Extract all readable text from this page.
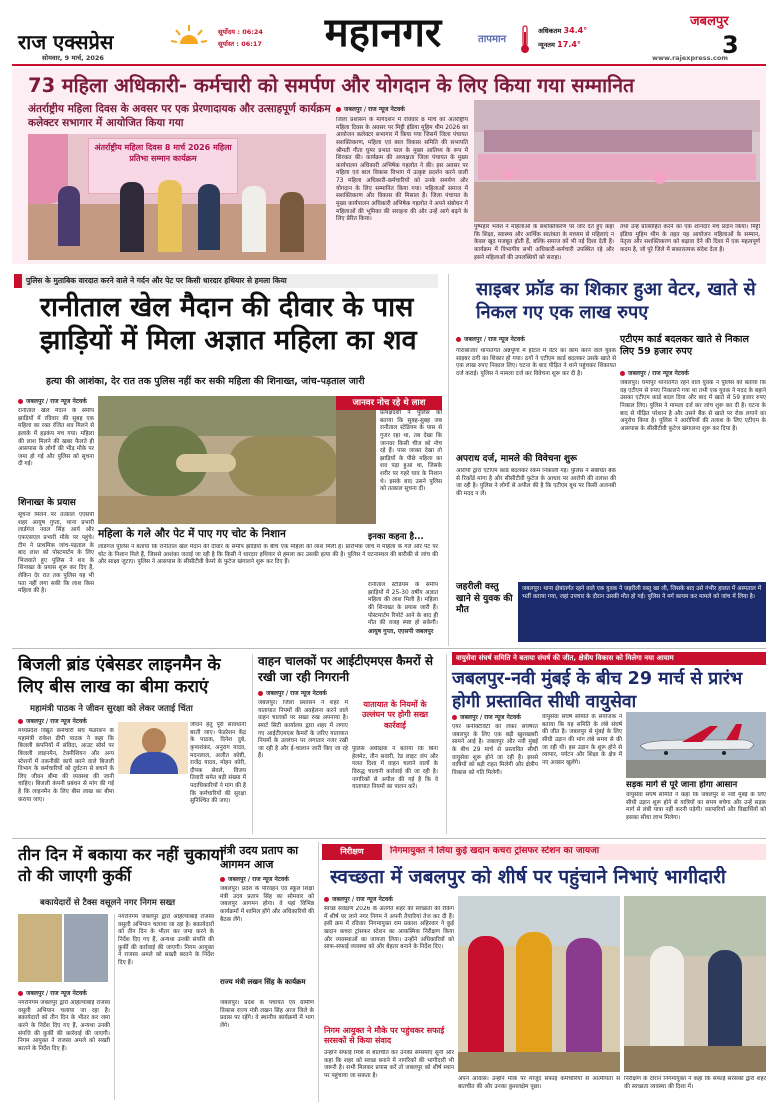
राज एक्सप्रेस
सोमवार, 9 मार्च, 2026
सूर्योदय : 06:24
सूर्यास्त : 06:17	महानगर	तापमान
अधिकतम 34.4°
न्यूनतम 17.4°
जबलपुर
3
www.rajexpress.com
73 महिला अधिकारी- कर्मचारी को समर्पण और योगदान के लिए किया गया सम्मानित
अंतर्राष्ट्रीय महिला दिवस के अवसर पर एक प्रेरणादायक और उत्साहपूर्ण कार्यक्रम कलेक्टर सभागार में आयोजित किया गया
अंतर्राष्ट्रीय महिला दिवस 8 मार्च 2026 महिला प्रतिभा सम्मान कार्यक्रम
जबलपुर / राज न्यूज नेटवर्क
जिला प्रशासन के मार्गदर्शन में रविवार 8 मार्च को अंतर्राष्ट्रीय महिला दिवस के अवसर पर मिट्टी इंडिया मुहिम थीम 2026 का आयोजन कलेक्टर सभागार में किया गया जिसमें जिला पंचायत सशक्तिकरण, महिला एवं बाल विकास समिति की सभापति श्रीमती गीता घुमर प्रभात पाल के मुख्य आतिथ्य के रूप में शिरकत की। कार्यक्रम की अध्यक्षता जिला पंचायत के मुख्य कार्यपालन अधिकारी अभिषेक गहलोत ने की। इस अवसर पर महिला एवं बाल विकास विभाग में उत्कृष्ट प्रदर्शन करने वाली 73 महिला अधिकारी-कर्मचारियों को उनके समर्पण और योगदान के लिए सम्मानित किया गया। महिलाओं समाज में सशक्तिकरण और विकास की मिसाल हैं। जिला पंचायत के मुख्य कार्यपालन अधिकारी अभिषेक गहलोत ने अपने संबोधन में महिलाओं की भूमिका की सराहना की और उन्हें आगे बढ़ने के लिए प्रेरित किया।
पुष्पहार भवेश ने महिलाओं के सशक्तिकरण पर जोर देते हुए कहा कि शिक्षा, स्वास्थ्य और आर्थिक स्वतंत्रता के माध्यम से महिलाएं न केवल खुद मजबूत होती हैं, बल्कि समाज को भी नई दिशा देती हैं। कार्यक्रम में विभागीय सभी अधिकारी-कर्मचारी उपस्थित रहे और इसने महिलाओं की उपलब्धियों को सराहा।
तथा उन्हें प्रोत्साहित करने का एक शानदार मंच प्रदान किया। मिट्टी इंडिया मुहिम थीम के तहत यह आयोजन महिलाओं के सम्मान, नेतृत्व और सशक्तिकरण को बढ़ावा देने की दिशा में एक महत्वपूर्ण कदम है, जो पूरे जिले में सकारात्मक संदेश देता है।
पुलिस के मुताबिक वारदात करने वाले ने गर्दन और पेट पर किसी धारदार हथियार से हमला किया
रानीताल खेल मैदान की दीवार के पास झाड़ियों में मिला अज्ञात महिला का शव
हत्या की आशंका, देर रात तक पुलिस नहीं कर सकी महिला की शिनाख्त, जांच-पड़ताल जारी
जबलपुर / राज न्यूज नेटवर्क
रानीताल खेल मैदान के समीप झाड़ियों में रविवार की सुबह एक महिला का रक्त रंजित शव मिलने से इलाके में हड़कंप मच गया। महिला की लाश मिलने की खबर फैलते ही आसपास के लोगों की भीड़ मौके पर जमा हो गई और पुलिस को सूचना दी गई।
शिनाख्त के प्रयास
सूचना मिलने पर तत्काल एएसपी शहर आयुष गुप्ता, थाना प्रभारी लार्डगंज नवल सिंह आर्य और एफएसएल प्रभारी मौके पर पहुंचे। टीम ने प्राथमिक जांच-पड़ताल के बाद लाश को पोस्टमार्टम के लिए भिजवाते हुए पुलिस ने शव के शिनाख्त के प्रयास शुरू कर दिए हैं, लेकिन देर रात तक पुलिस यह भी पता नहीं लगा सकी कि लाश किस महिला की है।
जानवर नोच रहे थे लाश
प्रत्यक्षदर्शी ने पुलिस को बताया कि सुबह-सुबह जब रानीताल स्टेडियम के पास से गुजर रहा था, तब देखा कि जानवर किसी चीज को नोच रहे हैं। पास जाकर देखा तो झाड़ियों के पीछे महिला का शव पड़ा हुआ था, जिसके शरीर पर गहरे घाव के निशान थे। इसके बाद उसने पुलिस को तत्काल सूचना दी।
महिला के गले और पेट में पाए गए चोट के निशान
लार्डगंज पुलिस ने बताया कि रानीताल खेल मैदान की दीवार के समीप झाड़ियों के बीच एक महिला की लाश मिली है। प्रारंभिक जांच में महिला के गले और पेट पर चोट के निशान मिले हैं, जिससे आशंका जताई जा रही है कि किसी ने धारदार हथियार से हमला कर उसकी हत्या की है। पुलिस ने घटनास्थल की बारीकी से जांच की और साक्ष्य जुटाए। पुलिस ने आसपास के सीसीटीवी कैमरे के फुटेज खंगालने शुरू कर दिए हैं।
इनका कहना है...
रानीताल स्टेडियम के समीप झाड़ियों में 25-30 वर्षीय अज्ञात महिला की लाश मिली है। महिला की शिनाख्त के प्रयास जारी हैं। पोस्टमार्टम रिपोर्ट आने के बाद ही मौत की वजह स्पष्ट हो सकेगी।
आयुष गुप्ता, एएसपी जबलपुर
साइबर फ्रॉड का शिकार हुआ वेटर, खाते से निकल गए एक लाख रुपए
जबलपुर / राज न्यूज नेटवर्क
गोराबाजार थानांतर्गत अन्नपूर्णा में होटल में वेटर का काम करने वाले युवक साइबर ठगी का शिकार हो गया। ठगों ने एटीएम कार्ड बदलकर उसके खाते से एक लाख रुपए निकाल लिए। घटना के बाद पीड़ित ने थाने पहुंचकर शिकायत दर्ज कराई। पुलिस ने मामला दर्ज कर विवेचना शुरू कर दी है।
अपराध दर्ज, मामले की विवेचना शुरू
आरोपी द्वारा एटीएम कार्ड बदलकर रकम निकाली गई। पुलिस ने संबंधित बैंक से रिकॉर्ड मांगा है और सीसीटीवी फुटेज के आधार पर आरोपी की तलाश की जा रही है। पुलिस ने लोगों से अपील की है कि एटीएम बूथ पर किसी अजनबी की मदद न लें।
एटीएम कार्ड बदलकर खाते से निकाल लिए 59 हजार रुपए
जबलपुर / राज न्यूज नेटवर्क
जबलपुर। घमापुर थानांतर्गत रहने वाले युवक ने पुलिस को बताया कि वह एटीएम से रुपए निकालने गया था तभी एक युवक ने मदद के बहाने उसका एटीएम कार्ड बदल दिया और बाद में खाते से 59 हजार रुपए निकाल लिए। पुलिस ने मामला दर्ज कर जांच शुरू कर दी है। घटना के बाद से पीड़ित परेशान है और उसने बैंक से खाते पर रोक लगाने का अनुरोध किया है। पुलिस ने आरोपियों की तलाश के लिए एटीएम के आसपास के सीसीटीवी फुटेज खंगालना शुरू कर दिया है।
जहरीली वस्तु खाने से युवक की मौत
जबलपुर। थाना क्षेत्रांतर्गत रहने वाले एक युवक ने जहरीली वस्तु खा ली, जिसके बाद उसे गंभीर हालत में अस्पताल में भर्ती कराया गया, जहां उपचार के दौरान उसकी मौत हो गई। पुलिस ने मर्ग कायम कर मामले को जांच में लिया है।
बिजली ब्रांड एंबेसडर लाइनमैन के लिए बीस लाख का बीमा कराएं
महामंत्री पाठक ने जीवन सुरक्षा को लेकर जताई चिंता
जबलपुर / राज न्यूज नेटवर्क
मध्यप्रदेश विद्युत कर्मचारी संघ फेडरेशन के महामंत्री राकेश डीपी पाठक ने कहा कि बिजली कंपनियों में संविदा, आउट सोर्स पर बिजली लाइनमैन, टेक्नीशियन और अन्य स्टेशनों में तकनीकी कार्य करने वाले बिजली विभाग के कर्मचारियों को दुर्घटना से बचाने के लिए जीवन बीमा की व्यवस्था की जानी चाहिए। बिजली कंपनी प्रबंधन से मांग की गई है कि लाइनमैन के लिए बीस लाख का बीमा कराया जाए।
जीवन हेतु पूरी सावधानी बरती जाए। फेडरेशन केंद्र के पाठक, दिनेश दुबे, कृपाशंकर, अनुराग यादव, मदनलाल, अजीत कोष्टी, राजेंद्र यादव, मोहन कोरी, दीपक सेवले, विजय तिवारी समेत बड़ी संख्या में पदाधिकारियों ने मांग की है कि कर्मचारियों की सुरक्षा सुनिश्चित की जाए।
वाहन चालकों पर आईटीएमएस कैमरों से रखी जा रही निगरानी
जबलपुर / राज न्यूज नेटवर्क
जबलपुर। जिला प्रशासन ने शहर में यातायात नियमों की अवहेलना करने वाले वाहन चालकों पर सख्त रुख अपनाया है। स्मार्ट सिटी कार्यालय द्वारा शहर में लगाए गए आईटीएमएस कैमरों के जरिए यातायात नियमों के उल्लंघन पर लगातार नजर रखी जा रही है और ई-चालान जारी किए जा रहे हैं।
यातायात के नियमों के उल्लंघन पर होगी सख्त कार्रवाई
पुलिस अधीक्षक ने बताया कि बिना हेलमेट, तीन सवारी, रेड लाइट जंप और गलत दिशा में वाहन चलाने वालों के विरुद्ध चालानी कार्रवाई की जा रही है। नागरिकों से अपील की गई है कि वे यातायात नियमों का पालन करें।
वायुसेवा संघर्ष समिति ने बताया संघर्ष की जीत, क्षेत्रीय विकास को मिलेगा नया आयाम
जबलपुर-नवी मुंबई के बीच 29 मार्च से प्रारंभ होगी प्रस्तावित सीधी वायुसेवा
जबलपुर / राज न्यूज नेटवर्क
एयर कनेक्टिविटी को लेकर संघर्षरत जबलपुर के लिए एक बड़ी खुशखबरी सामने आई है। जबलपुर और नवी मुंबई के बीच 29 मार्च से प्रस्तावित सीधी वायुसेवा शुरू होने जा रही है। इससे यात्रियों को बड़ी राहत मिलेगी और क्षेत्रीय विकास को गति मिलेगी।
वायुसेवा संघर्ष समिति के संयोजक ने बताया कि यह समिति के लंबे संघर्ष की जीत है। जबलपुर से मुंबई के लिए सीधी उड़ान की मांग लंबे समय से की जा रही थी। इस उड़ान के शुरू होने से व्यापार, पर्यटन और शिक्षा के क्षेत्र में नए अवसर खुलेंगे।
सड़क मार्ग से पूरे जाना होगा आसान
वायुसेवा संघर्ष समिति ने कहा कि जबलपुर से नवी मुंबई के लिए सीधी उड़ान शुरू होने से यात्रियों का समय बचेगा और उन्हें सड़क मार्ग से लंबी यात्रा नहीं करनी पड़ेगी। व्यापारियों और विद्यार्थियों को इसका सीधा लाभ मिलेगा।
तीन दिन में बकाया कर नहीं चुकाया तो की जाएगी कुर्की
बकायेदारों से टैक्स वसूलने नगर निगम सख्त
जबलपुर / राज न्यूज नेटवर्क
नगरनिगम जबलपुर द्वारा अहिल्याबाई राजस्व वसूली अभियान चलाया जा रहा है। बकायेदारों को तीन दिन के भीतर कर जमा करने के निर्देश दिए गए हैं, अन्यथा उनकी संपत्ति की कुर्की की कार्रवाई की जाएगी। निगम आयुक्त ने राजस्व अमले को सख्ती बरतने के निर्देश दिए हैं।
मंत्री उदय प्रताप का आगमन आज
जबलपुर / राज न्यूज नेटवर्क
नगरनिगम जबलपुर द्वारा अहिल्याबाई राजस्व वसूली अभियान चलाया जा रहा है। बकायेदारों को तीन दिन के भीतर कर जमा करने के निर्देश दिए गए हैं, अन्यथा उनकी संपत्ति की कुर्की की कार्रवाई की जाएगी। निगम आयुक्त ने राजस्व अमले को सख्ती बरतने के निर्देश दिए हैं।
जबलपुर। प्रदेश के परिवहन एवं स्कूल शिक्षा मंत्री उदय प्रताप सिंह का सोमवार को जबलपुर आगमन होगा। वे यहां विभिन्न कार्यक्रमों में शामिल होंगे और अधिकारियों की बैठक लेंगे।
राज्य मंत्री लखन सिंह के कार्यक्रम
जबलपुर। प्रदेश के पंचायत एवं ग्रामीण विकास राज्य मंत्री लखन सिंह आज जिले के प्रवास पर रहेंगे। वे स्थानीय कार्यक्रमों में भाग लेंगे।
निरीक्षण	निगमायुक्त ने लिया कुई खदान कचरा ट्रांसफर स्टेशन का जायजा
स्वच्छता में जबलपुर को शीर्ष पर पहुंचाने निभाएं भागीदारी
जबलपुर / राज न्यूज नेटवर्क
स्वच्छ सर्वेक्षण 2026 के अंतर्गत शहर को स्वच्छता की रैंकिंग में शीर्ष पर लाने नगर निगम ने अपनी तैयारियां तेज कर दी हैं। इसी क्रम में रविवार निगमायुक्त राम प्रकाश अहिरवार ने कुई खदान कचरा ट्रांसफर स्टेशन का आकस्मिक निरीक्षण किया और व्यवस्थाओं का जायजा लिया। उन्होंने अधिकारियों को साफ-सफाई व्यवस्था को और बेहतर बनाने के निर्देश दिए।
निगम आयुक्त ने मौके पर पहुंचकर सफाई सरसकों से किया संवाद
उन्होंने सफाई मित्रों से बातचीत कर उनकी समस्याएं सुनीं और कहा कि शहर को स्वच्छ बनाने में नागरिकों की भागीदारी भी जरूरी है। सभी मिलकर प्रयास करें तो जबलपुर को शीर्ष स्थान पर पहुंचाया जा सकता है।
अपने आवास। उन्होंने मौके पर मौजूद सफाई कर्मचारियों से आत्मीयता से बातचीत की और उनका कुशलक्षेम पूछा।
निरीक्षण के दौरान निगमायुक्त ने कहा कि सफाई सरसकों द्वारा शहर की स्वच्छता व्यवस्था की दिशा में।
